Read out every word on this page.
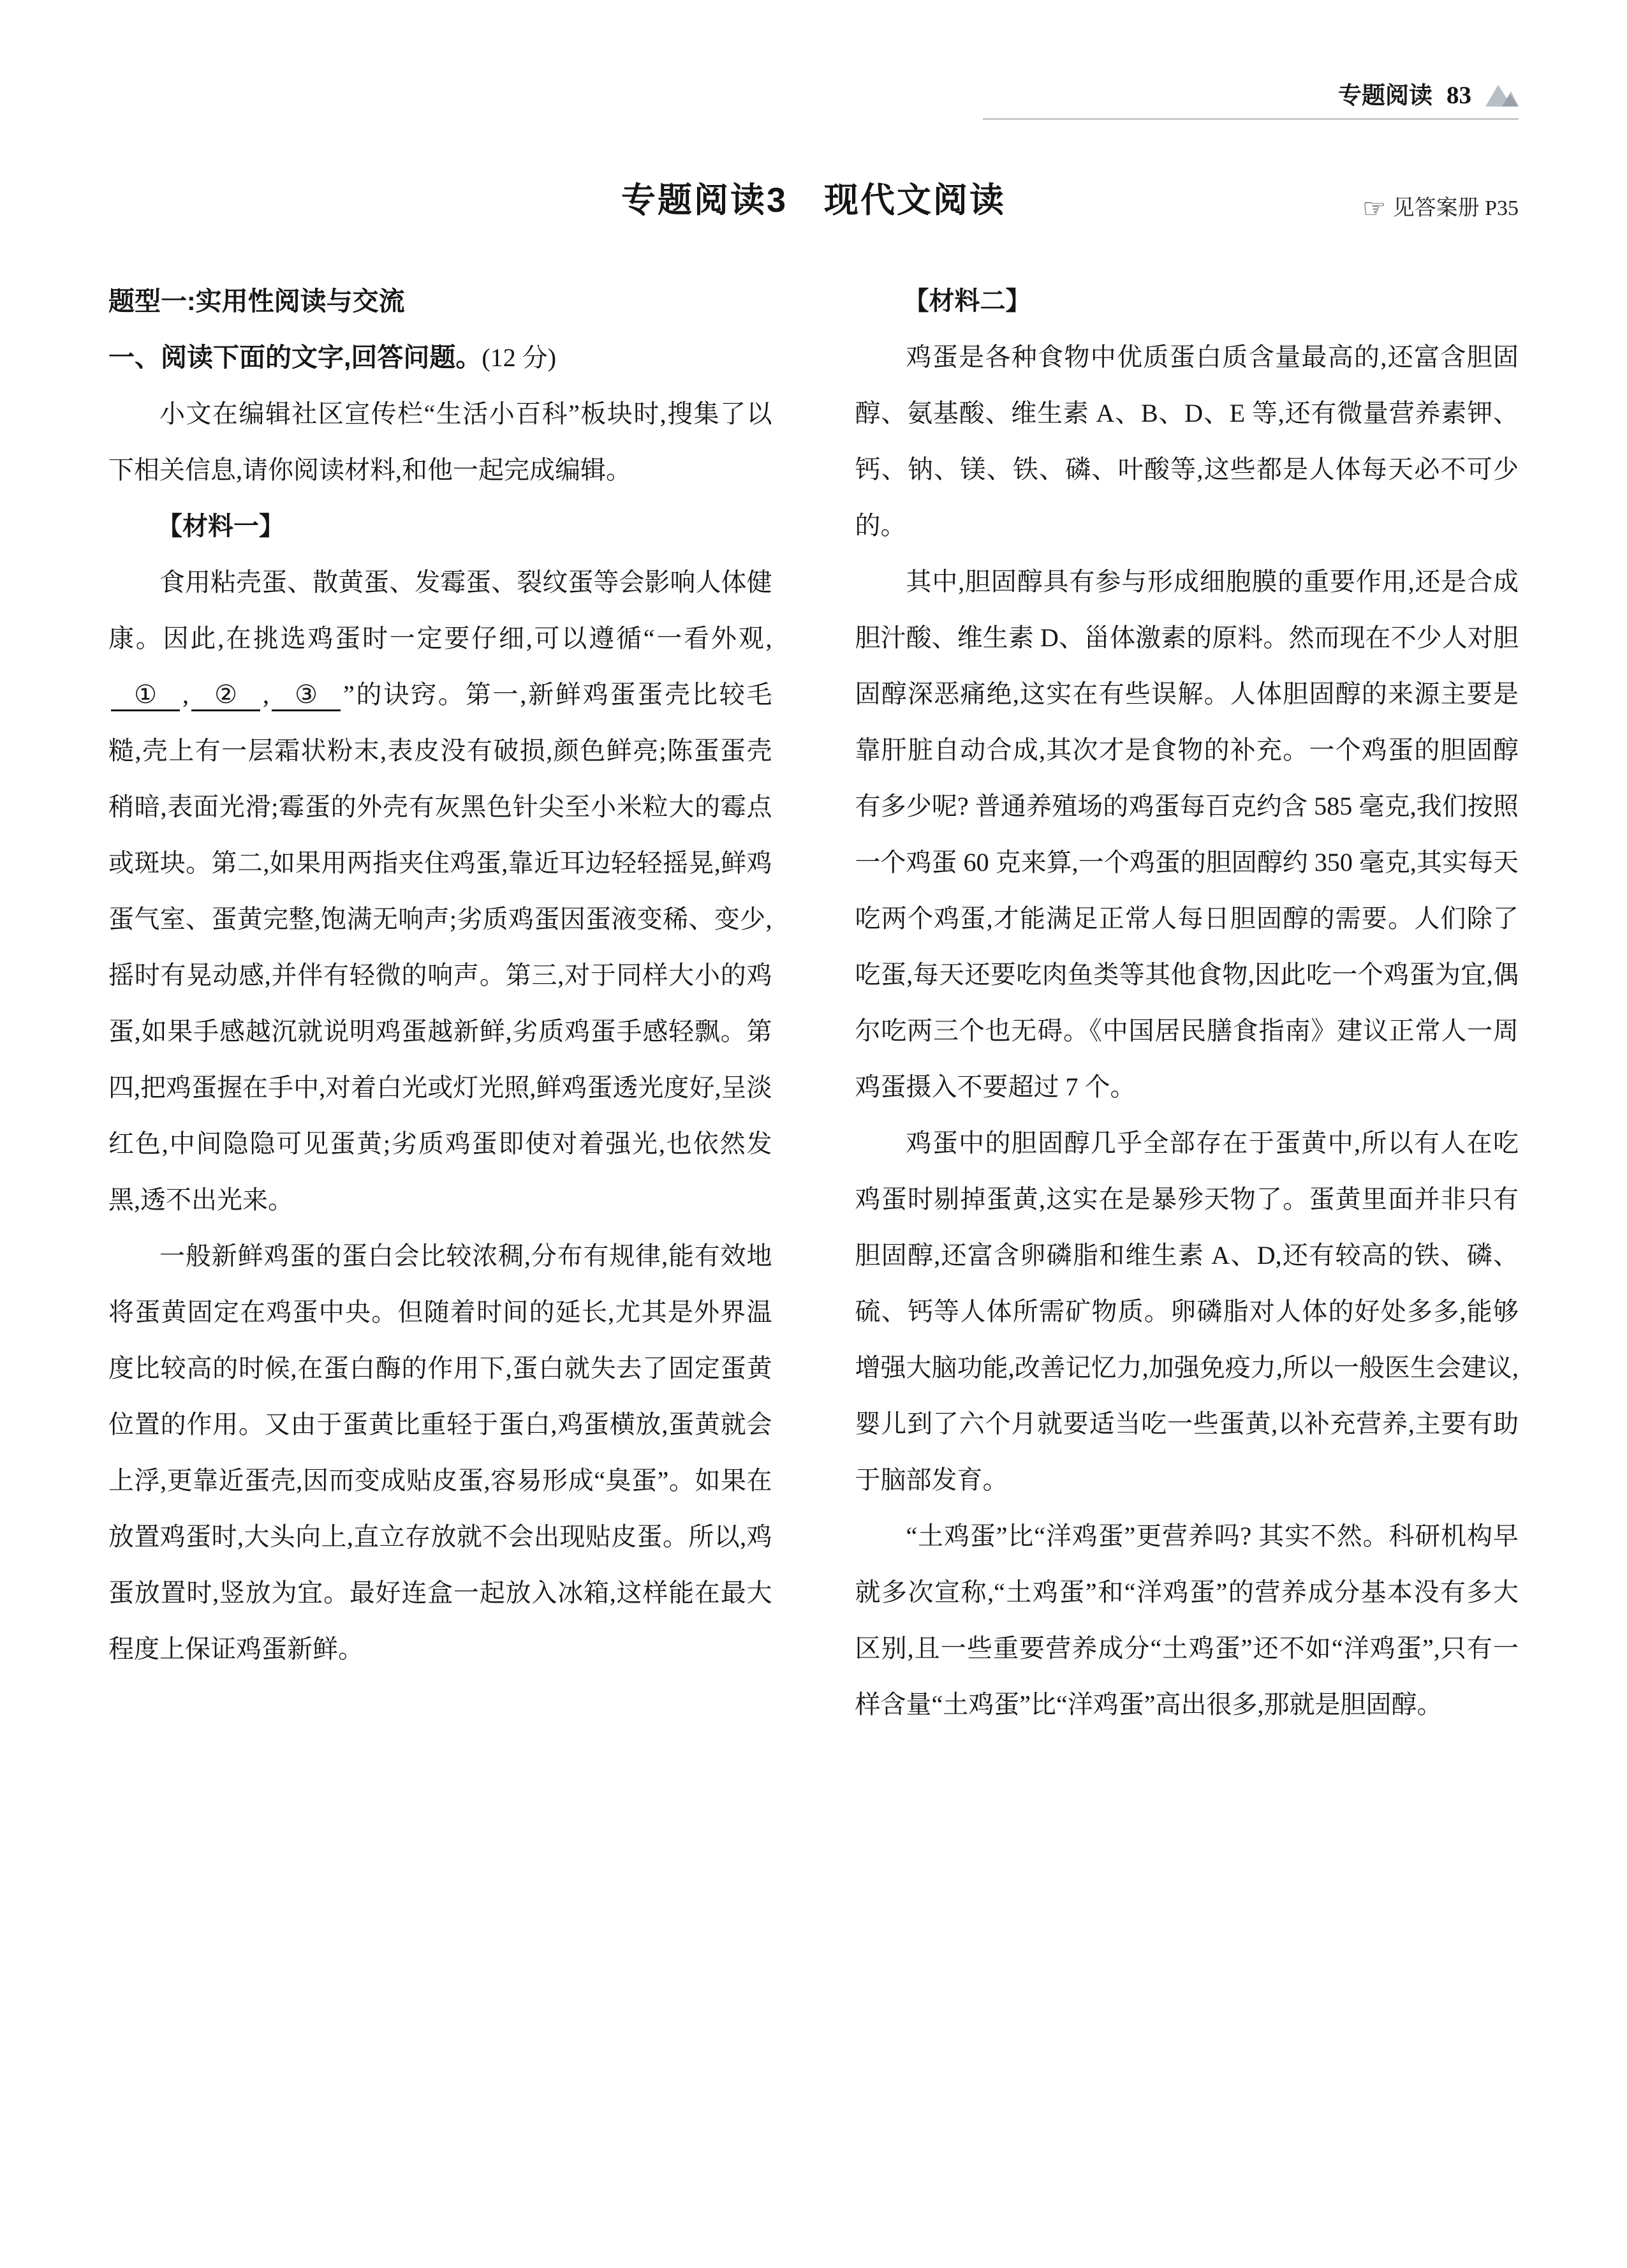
专题阅读 83
专题阅读3　现代文阅读	☞ 见答案册 P35
题型一:实用性阅读与交流

一、阅读下面的文字,回答问题。(12 分)

小文在编辑社区宣传栏“生活小百科”板块时,搜集了以下相关信息,请你阅读材料,和他一起完成编辑。

【材料一】

食用粘壳蛋、散黄蛋、发霉蛋、裂纹蛋等会影响人体健康。因此,在挑选鸡蛋时一定要仔细,可以遵循“一看外观,① , ② , ③ ”的诀窍。第一,新鲜鸡蛋蛋壳比较毛糙,壳上有一层霜状粉末,表皮没有破损,颜色鲜亮;陈蛋蛋壳稍暗,表面光滑;霉蛋的外壳有灰黑色针尖至小米粒大的霉点或斑块。第二,如果用两指夹住鸡蛋,靠近耳边轻轻摇晃,鲜鸡蛋气室、蛋黄完整,饱满无响声;劣质鸡蛋因蛋液变稀、变少,摇时有晃动感,并伴有轻微的响声。第三,对于同样大小的鸡蛋,如果手感越沉就说明鸡蛋越新鲜,劣质鸡蛋手感轻飘。第四,把鸡蛋握在手中,对着白光或灯光照,鲜鸡蛋透光度好,呈淡红色,中间隐隐可见蛋黄;劣质鸡蛋即使对着强光,也依然发黑,透不出光来。

一般新鲜鸡蛋的蛋白会比较浓稠,分布有规律,能有效地将蛋黄固定在鸡蛋中央。但随着时间的延长,尤其是外界温度比较高的时候,在蛋白酶的作用下,蛋白就失去了固定蛋黄位置的作用。又由于蛋黄比重轻于蛋白,鸡蛋横放,蛋黄就会上浮,更靠近蛋壳,因而变成贴皮蛋,容易形成“臭蛋”。如果在放置鸡蛋时,大头向上,直立存放就不会出现贴皮蛋。所以,鸡蛋放置时,竖放为宜。最好连盒一起放入冰箱,这样能在最大程度上保证鸡蛋新鲜。

【材料二】

鸡蛋是各种食物中优质蛋白质含量最高的,还富含胆固醇、氨基酸、维生素 A、B、D、E 等,还有微量营养素钾、钙、钠、镁、铁、磷、叶酸等,这些都是人体每天必不可少的。

其中,胆固醇具有参与形成细胞膜的重要作用,还是合成胆汁酸、维生素 D、甾体激素的原料。然而现在不少人对胆固醇深恶痛绝,这实在有些误解。人体胆固醇的来源主要是靠肝脏自动合成,其次才是食物的补充。一个鸡蛋的胆固醇有多少呢? 普通养殖场的鸡蛋每百克约含 585 毫克,我们按照一个鸡蛋 60 克来算,一个鸡蛋的胆固醇约 350 毫克,其实每天吃两个鸡蛋,才能满足正常人每日胆固醇的需要。人们除了吃蛋,每天还要吃肉鱼类等其他食物,因此吃一个鸡蛋为宜,偶尔吃两三个也无碍。《中国居民膳食指南》建议正常人一周鸡蛋摄入不要超过 7 个。

鸡蛋中的胆固醇几乎全部存在于蛋黄中,所以有人在吃鸡蛋时剔掉蛋黄,这实在是暴殄天物了。蛋黄里面并非只有胆固醇,还富含卵磷脂和维生素 A、D,还有较高的铁、磷、硫、钙等人体所需矿物质。卵磷脂对人体的好处多多,能够增强大脑功能,改善记忆力,加强免疫力,所以一般医生会建议,婴儿到了六个月就要适当吃一些蛋黄,以补充营养,主要有助于脑部发育。

“土鸡蛋”比“洋鸡蛋”更营养吗? 其实不然。科研机构早就多次宣称,“土鸡蛋”和“洋鸡蛋”的营养成分基本没有多大区别,且一些重要营养成分“土鸡蛋”还不如“洋鸡蛋”,只有一样含量“土鸡蛋”比“洋鸡蛋”高出很多,那就是胆固醇。
